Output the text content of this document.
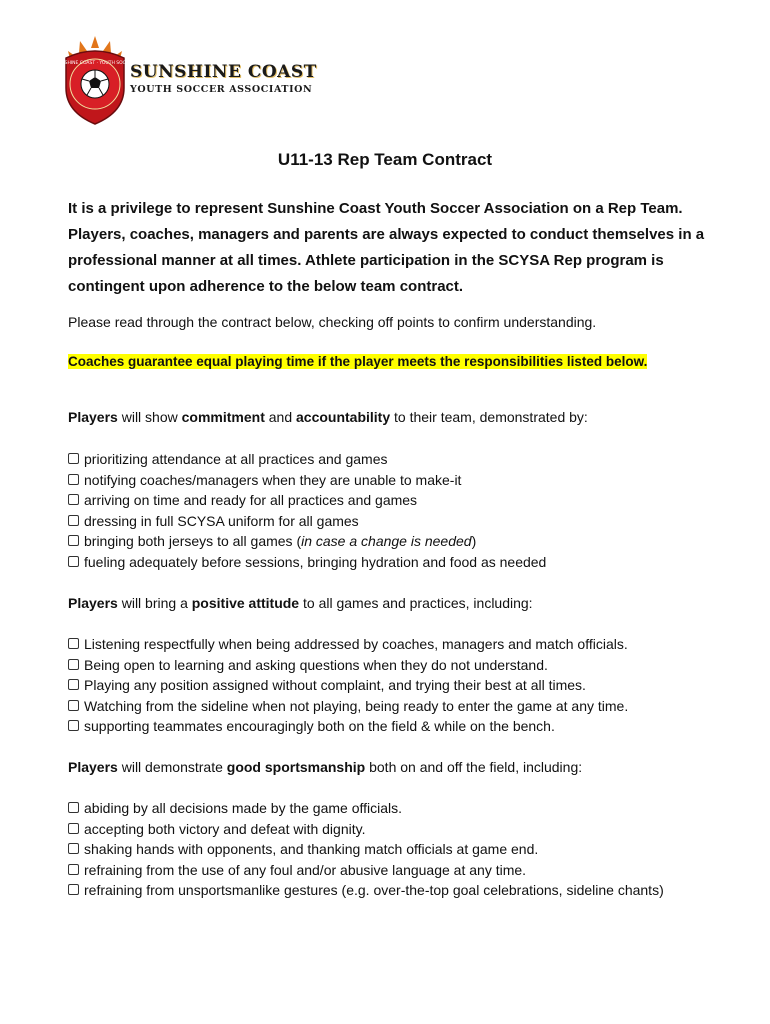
SUNSHINE COAST · YOUTH SOCCER
SUNSHINE COAST
YOUTH SOCCER ASSOCIATION
U11-13 Rep Team Contract
It is a privilege to represent Sunshine Coast Youth Soccer Association on a Rep Team. Players, coaches, managers and parents are always expected to conduct themselves in a professional manner at all times. Athlete participation in the SCYSA Rep program is contingent upon adherence to the below team contract.
Please read through the contract below, checking off points to confirm understanding.
Coaches guarantee equal playing time if the player meets the responsibilities listed below.
Players will show commitment and accountability to their team, demonstrated by:
prioritizing attendance at all practices and games
notifying coaches/managers when they are unable to make-it
arriving on time and ready for all practices and games
dressing in full SCYSA uniform for all games
bringing both jerseys to all games (in case a change is needed)
fueling adequately before sessions, bringing hydration and food as needed
Players will bring a positive attitude to all games and practices, including:
Listening respectfully when being addressed by coaches, managers and match officials.
Being open to learning and asking questions when they do not understand.
Playing any position assigned without complaint, and trying their best at all times.
Watching from the sideline when not playing, being ready to enter the game at any time.
supporting teammates encouragingly both on the field & while on the bench.
Players will demonstrate good sportsmanship both on and off the field, including:
abiding by all decisions made by the game officials.
accepting both victory and defeat with dignity.
shaking hands with opponents, and thanking match officials at game end.
refraining from the use of any foul and/or abusive language at any time.
refraining from unsportsmanlike gestures (e.g. over-the-top goal celebrations, sideline chants)
